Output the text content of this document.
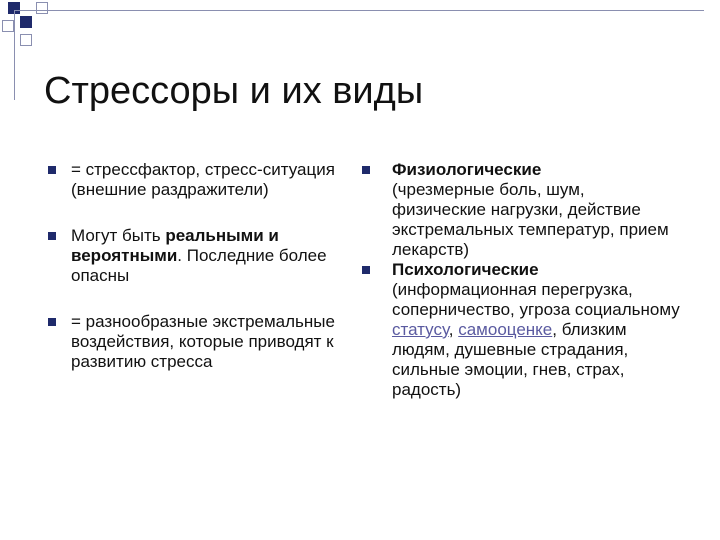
Стрессоры и их виды
= стрессфактор, стресс-ситуация (внешние раздражители)
Могут быть реальными и вероятными. Последние более опасны
= разнообразные экстремальные воздействия, которые приводят к развитию стресса
Физиологические
(чрезмерные боль, шум, физические нагрузки, действие экстремальных температур, прием лекарств)
Психологические
(информационная перегрузка, соперничество, угроза социальному статусу, самооценке, близким людям, душевные страдания, сильные эмоции, гнев, страх, радость)
